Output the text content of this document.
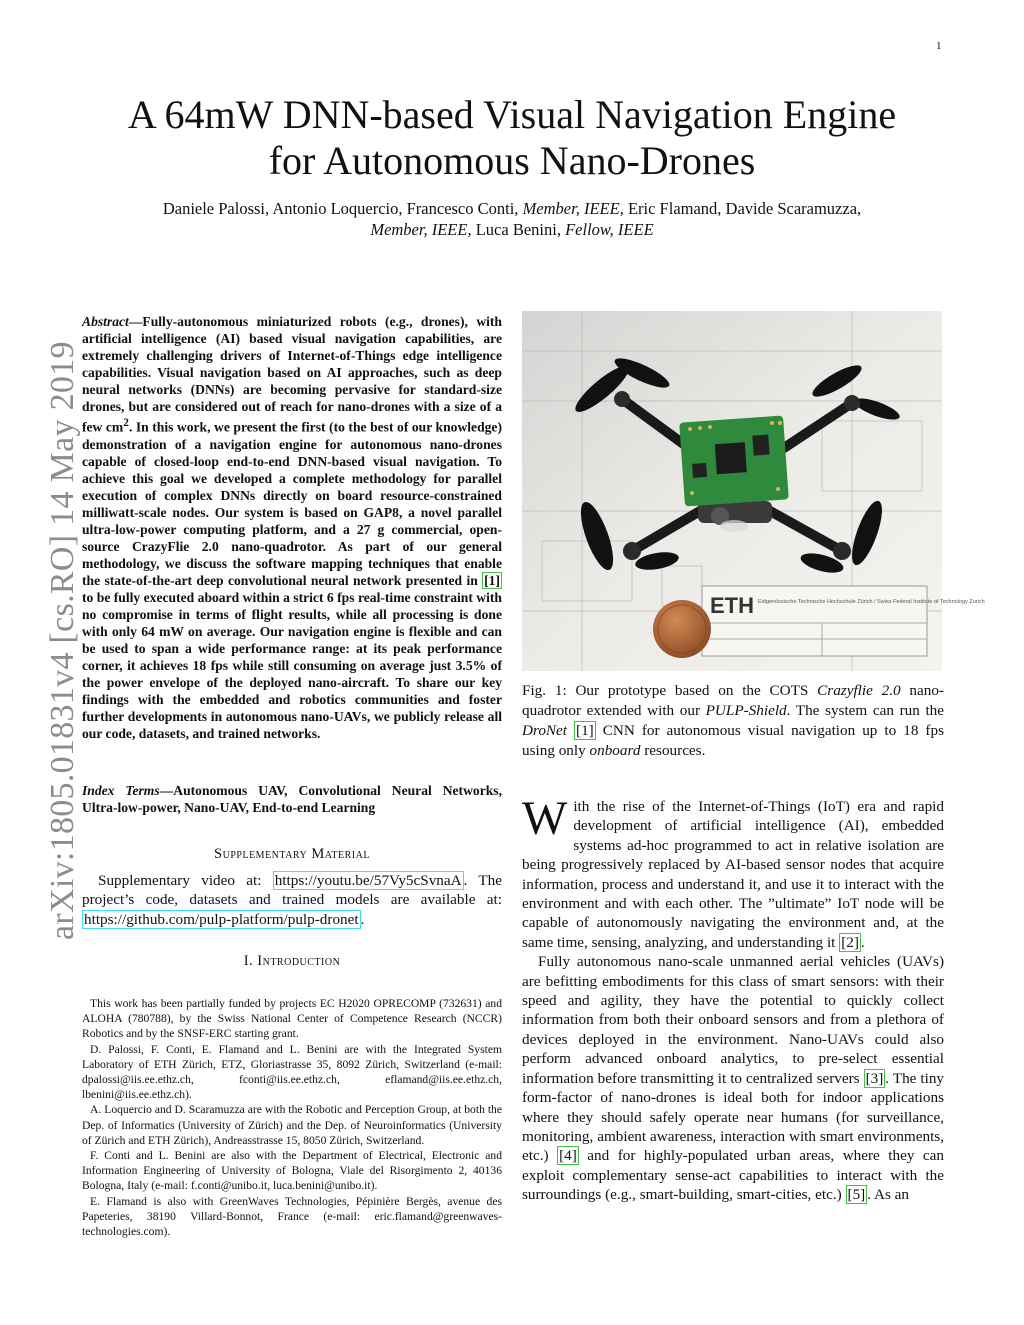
1
arXiv:1805.01831v4 [cs.RO] 14 May 2019
A 64mW DNN-based Visual Navigation Engine
for Autonomous Nano-Drones
Daniele Palossi, Antonio Loquercio, Francesco Conti, Member, IEEE, Eric Flamand, Davide Scaramuzza,
Member, IEEE, Luca Benini, Fellow, IEEE
Abstract—Fully-autonomous miniaturized robots (e.g., drones), with artificial intelligence (AI) based visual navigation capabilities, are extremely challenging drivers of Internet-of-Things edge intelligence capabilities. Visual navigation based on AI approaches, such as deep neural networks (DNNs) are becoming pervasive for standard-size drones, but are considered out of reach for nano-drones with a size of a few $cm^2$. In this work, we present the first (to the best of our knowledge) demonstration of a navigation engine for autonomous nano-drones capable of closed-loop end-to-end DNN-based visual navigation. To achieve this goal we developed a complete methodology for parallel execution of complex DNNs directly on board resource-constrained milliwatt-scale nodes. Our system is based on GAP8, a novel parallel ultra-low-power computing platform, and a 27 g commercial, open-source CrazyFlie 2.0 nano-quadrotor. As part of our general methodology, we discuss the software mapping techniques that enable the state-of-the-art deep convolutional neural network presented in [1] to be fully executed aboard within a strict 6 fps real-time constraint with no compromise in terms of flight results, while all processing is done with only 64 mW on average. Our navigation engine is flexible and can be used to span a wide performance range: at its peak performance corner, it achieves 18 fps while still consuming on average just 3.5% of the power envelope of the deployed nano-aircraft. To share our key findings with the embedded and robotics communities and foster further developments in autonomous nano-UAVs, we publicly release all our code, datasets, and trained networks.
Index Terms—Autonomous UAV, Convolutional Neural Networks, Ultra-low-power, Nano-UAV, End-to-end Learning
Supplementary Material
Supplementary video at: https://youtu.be/57Vy5cSvnaA . The project’s code, datasets and trained models are available at: https://github.com/pulp-platform/pulp-dronet .
I. Introduction

This work has been partially funded by projects EC H2020 OPRECOMP (732631) and ALOHA (780788), by the Swiss National Center of Competence Research (NCCR) Robotics and by the SNSF-ERC starting grant.

D. Palossi, F. Conti, E. Flamand and L. Benini are with the Integrated System Laboratory of ETH Zürich, ETZ, Gloriastrasse 35, 8092 Zürich, Switzerland (e-mail: dpalossi@iis.ee.ethz.ch, fconti@iis.ee.ethz.ch, eflamand@iis.ee.ethz.ch, lbenini@iis.ee.ethz.ch).

A. Loquercio and D. Scaramuzza are with the Robotic and Perception Group, at both the Dep. of Informatics (University of Zürich) and the Dep. of Neuroinformatics (University of Zürich and ETH Zürich), Andreasstrasse 15, 8050 Zürich, Switzerland.

F. Conti and L. Benini are also with the Department of Electrical, Electronic and Information Engineering of University of Bologna, Viale del Risorgimento 2, 40136 Bologna, Italy (e-mail: f.conti@unibo.it, luca.benini@unibo.it).

E. Flamand is also with GreenWaves Technologies, Pépinière Bergès, avenue des Papeteries, 38190 Villard-Bonnot, France (e-mail: eric.flamand@greenwaves-technologies.com).

ETH Eidgenössische Technische Hochschule Zürich / Swiss Federal Institute of Technology Zurich
Fig. 1: Our prototype based on the COTS Crazyflie 2.0 nano-quadrotor extended with our PULP-Shield. The system can run the DroNet [1] CNN for autonomous visual navigation up to 18 fps using only onboard resources.

With the rise of the Internet-of-Things (IoT) era and rapid development of artificial intelligence (AI), embedded systems ad-hoc programmed to act in relative isolation are being progressively replaced by AI-based sensor nodes that acquire information, process and understand it, and use it to interact with the environment and with each other. The ”ultimate” IoT node will be capable of autonomously navigating the environment and, at the same time, sensing, analyzing, and understanding it [2] .

Fully autonomous nano-scale unmanned aerial vehicles (UAVs) are befitting embodiments for this class of smart sensors: with their speed and agility, they have the potential to quickly collect information from both their onboard sensors and from a plethora of devices deployed in the environment. Nano-UAVs could also perform advanced onboard analytics, to pre-select essential information before transmitting it to centralized servers [3] . The tiny form-factor of nano-drones is ideal both for indoor applications where they should safely operate near humans (for surveillance, monitoring, ambient awareness, interaction with smart environments, etc.) [4] and for highly-populated urban areas, where they can exploit complementary sense-act capabilities to interact with the surroundings (e.g., smart-building, smart-cities, etc.) [5] . As an
